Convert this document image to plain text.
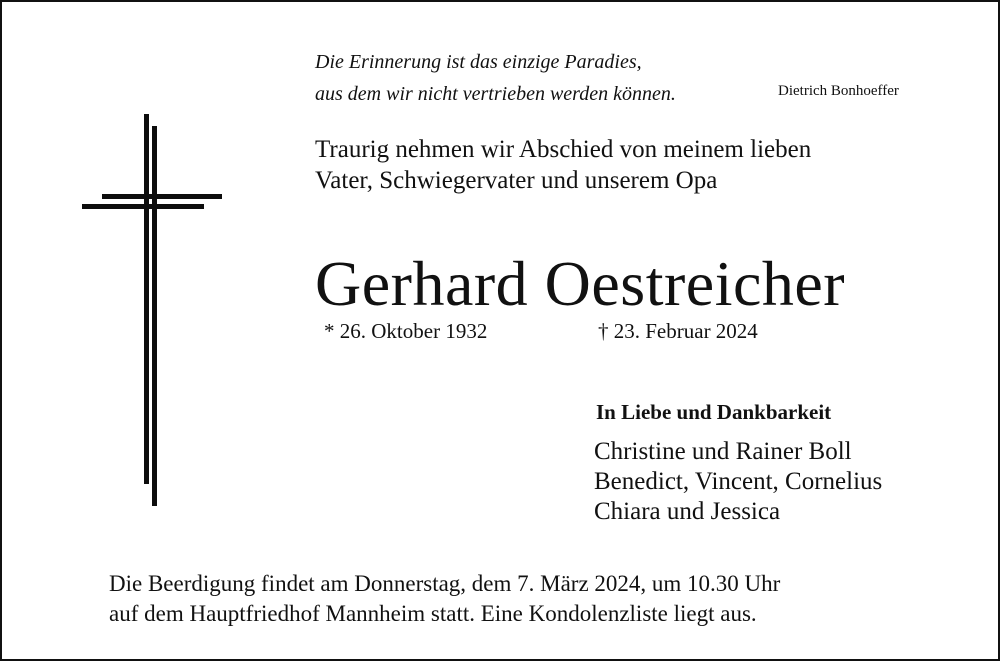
Die Erinnerung ist das einzige Paradies,
aus dem wir nicht vertrieben werden können.	Dietrich Bonhoeffer
Traurig nehmen wir Abschied von meinem lieben
Vater, Schwiegervater und unserem Opa
Gerhard Oestreicher
* 26. Oktober 1932	† 23. Februar 2024
In Liebe und Dankbarkeit
Christine und Rainer Boll
Benedict, Vincent, Cornelius
Chiara und Jessica
Die Beerdigung findet am Donnerstag, dem 7. März 2024, um 10.30 Uhr
auf dem Hauptfriedhof Mannheim statt. Eine Kondolenzliste liegt aus.
